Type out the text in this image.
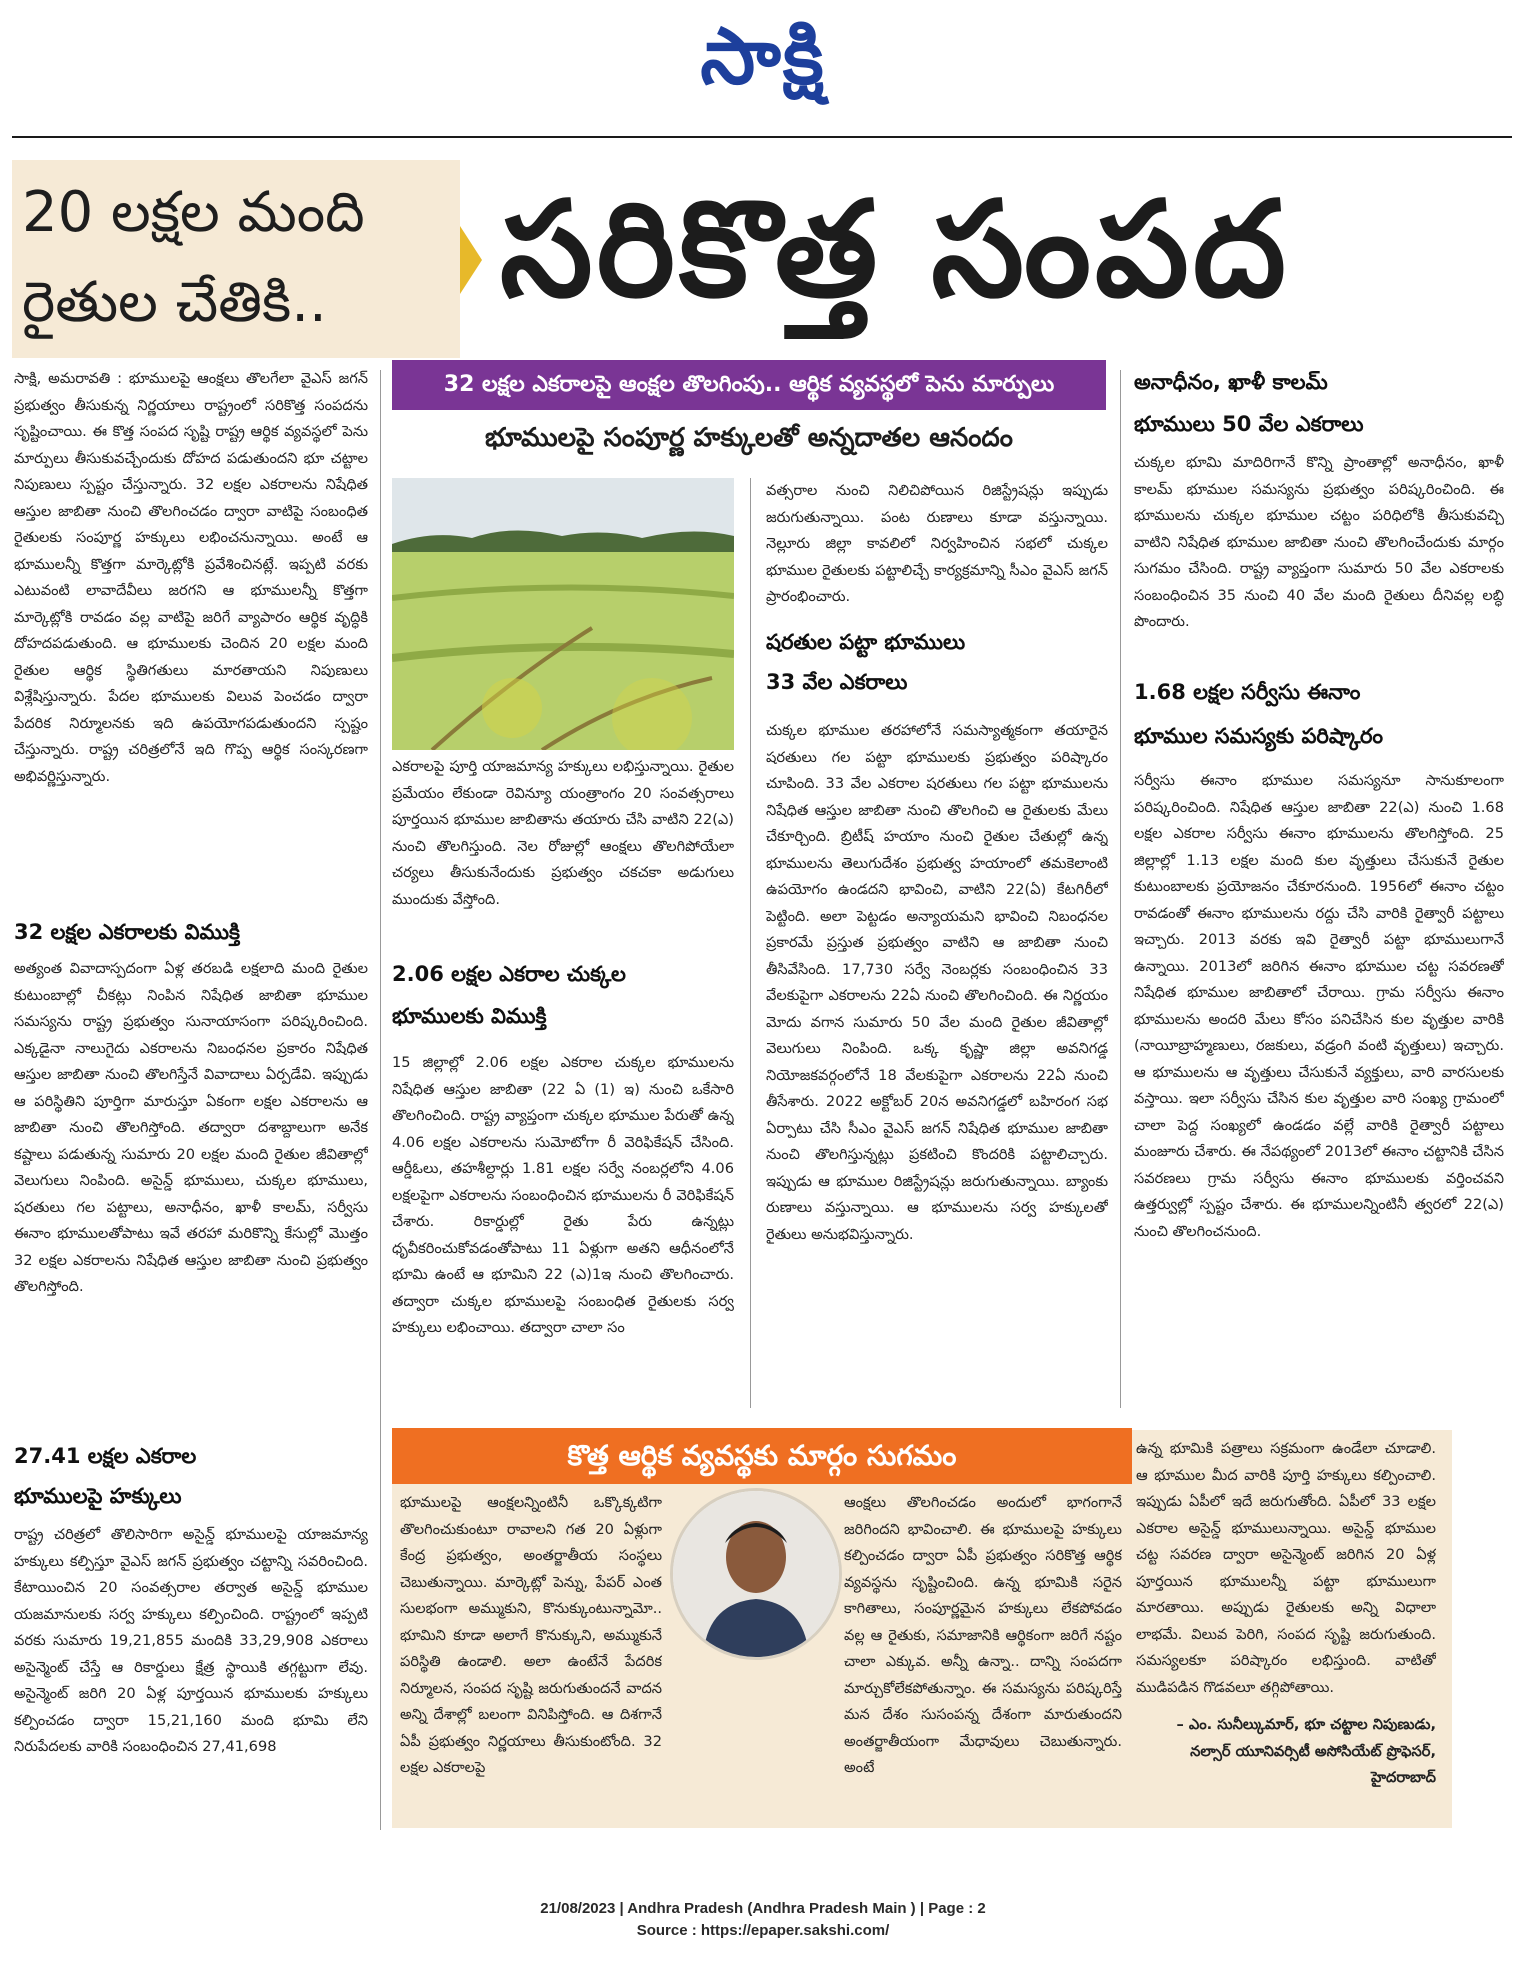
సాక్షి
20 లక్షల మంది
రైతుల చేతికి..	సరికొత్త సంపద
32 లక్షల ఎకరాలపై ఆంక్షల తొలగింపు.. ఆర్థిక వ్యవస్థలో పెను మార్పులు
భూములపై సంపూర్ణ హక్కులతో అన్నదాతల ఆనందం
సాక్షి, అమరావతి : భూములపై ఆంక్షలు తొలగేలా వైఎస్ జగన్ ప్రభుత్వం తీసుకున్న నిర్ణయాలు రాష్ట్రంలో సరికొత్త సంపదను సృష్టించాయి. ఈ కొత్త సంపద సృష్టి రాష్ట్ర ఆర్థిక వ్యవస్థలో పెను మార్పులు తీసుకువచ్చేందుకు దోహద పడుతుందని భూ చట్టాల నిపుణులు స్పష్టం చేస్తున్నారు. 32 లక్షల ఎకరాలను నిషేధిత ఆస్తుల జాబితా నుంచి తొలగించడం ద్వారా వాటిపై సంబంధిత రైతులకు సంపూర్ణ హక్కులు లభించనున్నాయి. అంటే ఆ భూములన్నీ కొత్తగా మార్కెట్లోకి ప్రవేశించినట్లే. ఇప్పటి వరకు ఎటువంటి లావాదేవీలు జరగని ఆ భూములన్నీ కొత్తగా మార్కెట్లోకి రావడం వల్ల వాటిపై జరిగే వ్యాపారం ఆర్థిక వృద్ధికి దోహదపడుతుంది. ఆ భూములకు చెందిన 20 లక్షల మంది రైతుల ఆర్థిక స్థితిగతులు మారతాయని నిపుణులు విశ్లేషిస్తున్నారు. పేదల భూములకు విలువ పెంచడం ద్వారా పేదరిక నిర్మూలనకు ఇది ఉపయోగపడుతుందని స్పష్టం చేస్తున్నారు. రాష్ట్ర చరిత్రలోనే ఇది గొప్ప ఆర్థిక సంస్కరణగా అభివర్ణిస్తున్నారు.
32 లక్షల ఎకరాలకు విముక్తి
అత్యంత వివాదాస్పదంగా ఏళ్ల తరబడి లక్షలాది మంది రైతుల కుటుంబాల్లో చీకట్లు నింపిన నిషేధిత జాబితా భూముల సమస్యను రాష్ట్ర ప్రభుత్వం సునాయాసంగా పరిష్కరించింది. ఎక్కడైనా నాలుగైదు ఎకరాలను నిబంధనల ప్రకారం నిషేధిత ఆస్తుల జాబితా నుంచి తొలగిస్తేనే వివాదాలు ఏర్పడేవి. ఇప్పుడు ఆ పరిస్థితిని పూర్తిగా మారుస్తూ ఏకంగా లక్షల ఎకరాలను ఆ జాబితా నుంచి తొలగిస్తోంది. తద్వారా దశాబ్దాలుగా అనేక కష్టాలు పడుతున్న సుమారు 20 లక్షల మంది రైతుల జీవితాల్లో వెలుగులు నింపింది. అసైన్డ్ భూములు, చుక్కల భూములు, షరతులు గల పట్టాలు, అనాధీనం, ఖాళీ కాలమ్, సర్వీసు ఈనాం భూములతోపాటు ఇవే తరహా మరికొన్ని కేసుల్లో మొత్తం 32 లక్షల ఎకరాలను నిషేధిత ఆస్తుల జాబితా నుంచి ప్రభుత్వం తొలగిస్తోంది.
27.41 లక్షల ఎకరాల
భూములపై హక్కులు
రాష్ట్ర చరిత్రలో తొలిసారిగా అసైన్డ్ భూములపై యాజమాన్య హక్కులు కల్పిస్తూ వైఎస్ జగన్ ప్రభుత్వం చట్టాన్ని సవరించింది. కేటాయించిన 20 సంవత్సరాల తర్వాత అసైన్డ్ భూముల యజమానులకు సర్వ హక్కులు కల్పించింది. రాష్ట్రంలో ఇప్పటి వరకు సుమారు 19,21,855 మందికి 33,29,908 ఎకరాలు అసైన్మెంట్ చేస్తే ఆ రికార్డులు క్షేత్ర స్థాయికి తగ్గట్టుగా లేవు. అసైన్మెంట్ జరిగి 20 ఏళ్ల పూర్తయిన భూములకు హక్కులు కల్పించడం ద్వారా 15,21,160 మంది భూమి లేని నిరుపేదలకు వారికి సంబంధించిన 27,41,698
ఎకరాలపై పూర్తి యాజమాన్య హక్కులు లభిస్తున్నాయి. రైతుల ప్రమేయం లేకుండా రెవిన్యూ యంత్రాంగం 20 సంవత్సరాలు పూర్తయిన భూముల జాబితాను తయారు చేసి వాటిని 22(ఎ) నుంచి తొలగిస్తుంది. నెల రోజుల్లో ఆంక్షలు తొలగిపోయేలా చర్యలు తీసుకునేందుకు ప్రభుత్వం చకచకా అడుగులు ముందుకు వేస్తోంది.
2.06 లక్షల ఎకరాల చుక్కల
భూములకు విముక్తి
15 జిల్లాల్లో 2.06 లక్షల ఎకరాల చుక్కల భూములను నిషేధిత ఆస్తుల జాబితా (22 ఏ (1) ఇ) నుంచి ఒకేసారి తొలగించింది. రాష్ట్ర వ్యాప్తంగా చుక్కల భూముల పేరుతో ఉన్న 4.06 లక్షల ఎకరాలను సుమోటోగా రీ వెరిఫికేషన్ చేసింది. ఆర్డీఓలు, తహశీల్దార్లు 1.81 లక్షల సర్వే నంబర్లలోని 4.06 లక్షలపైగా ఎకరాలను సంబంధించిన భూములను రీ వెరిఫికేషన్ చేశారు. రికార్డుల్లో రైతు పేరు ఉన్నట్లు ధృవీకరించుకోవడంతోపాటు 11 ఏళ్లుగా అతని ఆధీనంలోనే భూమి ఉంటే ఆ భూమిని 22 (ఎ)1ఇ నుంచి తొలగించారు. తద్వారా చుక్కల భూములపై సంబంధిత రైతులకు సర్వ హక్కులు లభించాయి. తద్వారా చాలా సం
వత్సరాల నుంచి నిలిచిపోయిన రిజిస్ట్రేషన్లు ఇప్పుడు జరుగుతున్నాయి. పంట రుణాలు కూడా వస్తున్నాయి. నెల్లూరు జిల్లా కావలిలో నిర్వహించిన సభలో చుక్కల భూముల రైతులకు పట్టాలిచ్చే కార్యక్రమాన్ని సీఎం వైఎస్ జగన్ ప్రారంభించారు.
షరతుల పట్టా భూములు
33 వేల ఎకరాలు
చుక్కల భూముల తరహాలోనే సమస్యాత్మకంగా తయారైన షరతులు గల పట్టా భూములకు ప్రభుత్వం పరిష్కారం చూపింది. 33 వేల ఎకరాల షరతులు గల పట్టా భూములను నిషేధిత ఆస్తుల జాబితా నుంచి తొలగించి ఆ రైతులకు మేలు చేకూర్చింది. బ్రిటీష్ హయాం నుంచి రైతుల చేతుల్లో ఉన్న భూములను తెలుగుదేశం ప్రభుత్వ హయాంలో తమకెలాంటి ఉపయోగం ఉండదని భావించి, వాటిని 22(ఏ) కేటగిరీలో పెట్టింది. అలా పెట్టడం అన్యాయమని భావించి నిబంధనల ప్రకారమే ప్రస్తుత ప్రభుత్వం వాటిని ఆ జాబితా నుంచి తీసివేసింది. 17,730 సర్వే నెంబర్లకు సంబంధించిన 33 వేలకుపైగా ఎకరాలను 22ఏ నుంచి తొలగించింది. ఈ నిర్ణయం మోదు వగాన సుమారు 50 వేల మంది రైతుల జీవితాల్లో వెలుగులు నింపింది. ఒక్క కృష్ణా జిల్లా అవనిగడ్డ నియోజకవర్గంలోనే 18 వేలకుపైగా ఎకరాలను 22ఏ నుంచి తీసేశారు. 2022 అక్టోబర్ 20న అవనిగడ్డలో బహిరంగ సభ ఏర్పాటు చేసి సీఎం వైఎస్ జగన్ నిషేధిత భూముల జాబితా నుంచి తొలగిస్తున్నట్లు ప్రకటించి కొందరికి పట్టాలిచ్చారు. ఇప్పుడు ఆ భూముల రిజిస్ట్రేషన్లు జరుగుతున్నాయి. బ్యాంకు రుణాలు వస్తున్నాయి. ఆ భూములను సర్వ హక్కులతో రైతులు అనుభవిస్తున్నారు.
అనాధీనం, ఖాళీ కాలమ్
భూములు 50 వేల ఎకరాలు
చుక్కల భూమి మాదిరిగానే కొన్ని ప్రాంతాల్లో అనాధీనం, ఖాళీ కాలమ్ భూముల సమస్యను ప్రభుత్వం పరిష్కరించింది. ఈ భూములను చుక్కల భూముల చట్టం పరిధిలోకి తీసుకువచ్చి వాటిని నిషేధిత భూముల జాబితా నుంచి తొలగించేందుకు మార్గం సుగమం చేసింది. రాష్ట్ర వ్యాప్తంగా సుమారు 50 వేల ఎకరాలకు సంబంధించిన 35 నుంచి 40 వేల మంది రైతులు దీనివల్ల లబ్ధి పొందారు.
1.68 లక్షల సర్వీసు ఈనాం
భూముల సమస్యకు పరిష్కారం
సర్వీసు ఈనాం భూముల సమస్యనూ సానుకూలంగా పరిష్కరించింది. నిషేధిత ఆస్తుల జాబితా 22(ఎ) నుంచి 1.68 లక్షల ఎకరాల సర్వీసు ఈనాం భూములను తొలగిస్తోంది. 25 జిల్లాల్లో 1.13 లక్షల మంది కుల వృత్తులు చేసుకునే రైతుల కుటుంబాలకు ప్రయోజనం చేకూరనుంది. 1956లో ఈనాం చట్టం రావడంతో ఈనాం భూములను రద్దు చేసి వారికి రైత్వారీ పట్టాలు ఇచ్చారు. 2013 వరకు ఇవి రైత్వారీ పట్టా భూములుగానే ఉన్నాయి. 2013లో జరిగిన ఈనాం భూముల చట్ట సవరణతో నిషేధిత భూముల జాబితాలో చేరాయి. గ్రామ సర్వీసు ఈనాం భూములను అందరి మేలు కోసం పనిచేసిన కుల వృత్తుల వారికి (నాయీబ్రాహ్మణులు, రజకులు, వడ్రంగి వంటి వృత్తులు) ఇచ్చారు. ఆ భూములను ఆ వృత్తులు చేసుకునే వ్యక్తులు, వారి వారసులకు వస్తాయి. ఇలా సర్వీసు చేసిన కుల వృత్తుల వారి సంఖ్య గ్రామంలో చాలా పెద్ద సంఖ్యలో ఉండడం వల్లే వారికి రైత్వారీ పట్టాలు మంజూరు చేశారు. ఈ నేపథ్యంలో 2013లో ఈనాం చట్టానికి చేసిన సవరణలు గ్రామ సర్వీసు ఈనాం భూములకు వర్తించవని ఉత్తర్వుల్లో స్పష్టం చేశారు. ఈ భూములన్నింటినీ త్వరలో 22(ఎ) నుంచి తొలగించనుంది.
కొత్త ఆర్థిక వ్యవస్థకు మార్గం సుగమం
భూములపై ఆంక్షలన్నింటినీ ఒక్కొక్కటిగా తొలగించుకుంటూ రావాలని గత 20 ఏళ్లుగా కేంద్ర ప్రభుత్వం, అంతర్జాతీయ సంస్థలు చెబుతున్నాయి. మార్కెట్లో పెన్ను, పేపర్ ఎంత సులభంగా అమ్ముకుని, కొనుక్కుంటున్నామో.. భూమిని కూడా అలాగే కొనుక్కుని, అమ్ముకునే పరిస్థితి ఉండాలి. అలా ఉంటేనే పేదరిక నిర్మూలన, సంపద సృష్టి జరుగుతుందనే వాదన అన్ని దేశాల్లో బలంగా వినిపిస్తోంది. ఆ దిశగానే ఏపీ ప్రభుత్వం నిర్ణయాలు తీసుకుంటోంది. 32 లక్షల ఎకరాలపై
ఆంక్షలు తొలగించడం అందులో భాగంగానే జరిగిందని భావించాలి. ఈ భూములపై హక్కులు కల్పించడం ద్వారా ఏపీ ప్రభుత్వం సరికొత్త ఆర్థిక వ్యవస్థను సృష్టించింది. ఉన్న భూమికి సరైన కాగితాలు, సంపూర్ణమైన హక్కులు లేకపోవడం వల్ల ఆ రైతుకు, సమాజానికి ఆర్థికంగా జరిగే నష్టం చాలా ఎక్కువ. అన్నీ ఉన్నా.. దాన్ని సంపదగా మార్చుకోలేకపోతున్నాం. ఈ సమస్యను పరిష్కరిస్తే మన దేశం సుసంపన్న దేశంగా మారుతుందని అంతర్జాతీయంగా మేధావులు చెబుతున్నారు. అంటే
ఉన్న భూమికి పత్రాలు సక్రమంగా ఉండేలా చూడాలి. ఆ భూముల మీద వారికి పూర్తి హక్కులు కల్పించాలి. ఇప్పుడు ఏపీలో ఇదే జరుగుతోంది. ఏపీలో 33 లక్షల ఎకరాల అసైన్డ్ భూములున్నాయి. అసైన్డ్ భూముల చట్ట సవరణ ద్వారా అసైన్మెంట్ జరిగిన 20 ఏళ్ల పూర్తయిన భూములన్నీ పట్టా భూములుగా మారతాయి. అప్పుడు రైతులకు అన్ని విధాలా లాభమే. విలువ పెరిగి, సంపద సృష్టి జరుగుతుంది. సమస్యలకూ పరిష్కారం లభిస్తుంది. వాటితో ముడిపడిన గొడవలూ తగ్గిపోతాయి.
– ఎం. సునీల్కుమార్, భూ చట్టాల నిపుణుడు, నల్సార్ యూనివర్సిటీ అసోసియేట్ ప్రొఫెసర్, హైదరాబాద్
21/08/2023 | Andhra Pradesh (Andhra Pradesh Main ) | Page : 2
Source : https://epaper.sakshi.com/
